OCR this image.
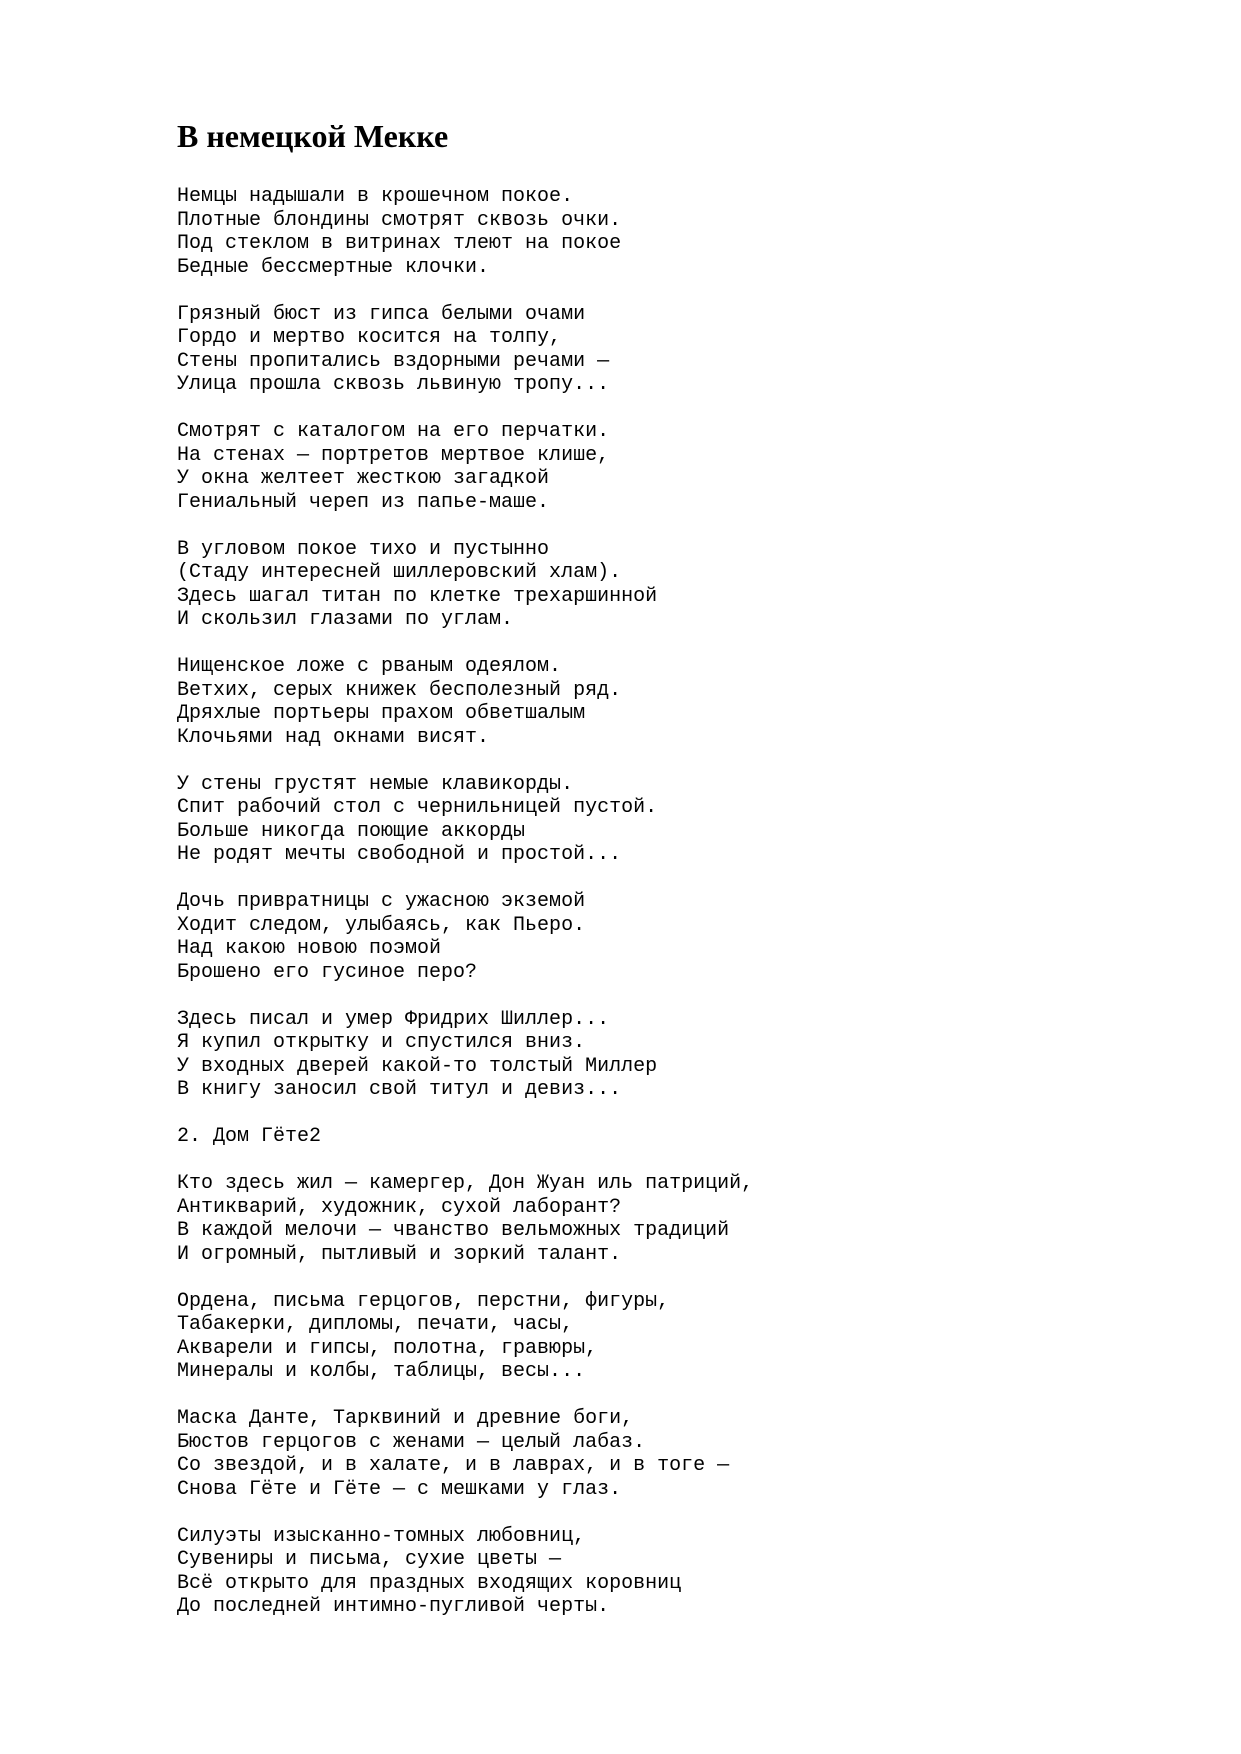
В немецкой Мекке
Немцы надышали в крошечном покое.
Плотные блондины смотрят сквозь очки.
Под стеклом в витринах тлеют на покое
Бедные бессмертные клочки.
Грязный бюст из гипса белыми очами
Гордо и мертво косится на толпу,
Стены пропитались вздорными речами —
Улица прошла сквозь львиную тропу...
Смотрят с каталогом на его перчатки.
На стенах — портретов мертвое клише,
У окна желтеет жесткою загадкой
Гениальный череп из папье-маше.
В угловом покое тихо и пустынно
(Стаду интересней шиллеровский хлам).
Здесь шагал титан по клетке трехаршинной
И скользил глазами по углам.
Нищенское ложе с рваным одеялом.
Ветхих, серых книжек бесполезный ряд.
Дряхлые портьеры прахом обветшалым
Клочьями над окнами висят.
У стены грустят немые клавикорды.
Спит рабочий стол с чернильницей пустой.
Больше никогда поющие аккорды
Не родят мечты свободной и простой...
Дочь привратницы с ужасною экземой
Ходит следом, улыбаясь, как Пьеро.
Над какою новою поэмой
Брошено его гусиное перо?
Здесь писал и умер Фридрих Шиллер...
Я купил открытку и спустился вниз.
У входных дверей какой-то толстый Миллер
В книгу заносил свой титул и девиз...
2. Дом Гёте2
Кто здесь жил — камергер, Дон Жуан иль патриций,
Антикварий, художник, сухой лаборант?
В каждой мелочи — чванство вельможных традиций
И огромный, пытливый и зоркий талант.
Ордена, письма герцогов, перстни, фигуры,
Табакерки, дипломы, печати, часы,
Акварели и гипсы, полотна, гравюры,
Минералы и колбы, таблицы, весы...
Маска Данте, Тарквиний и древние боги,
Бюстов герцогов с женами — целый лабаз.
Со звездой, и в халате, и в лаврах, и в тоге —
Снова Гёте и Гёте — с мешками у глаз.
Силуэты изысканно-томных любовниц,
Сувениры и письма, сухие цветы —
Всё открыто для праздных входящих коровниц
До последней интимно-пугливой черты.
